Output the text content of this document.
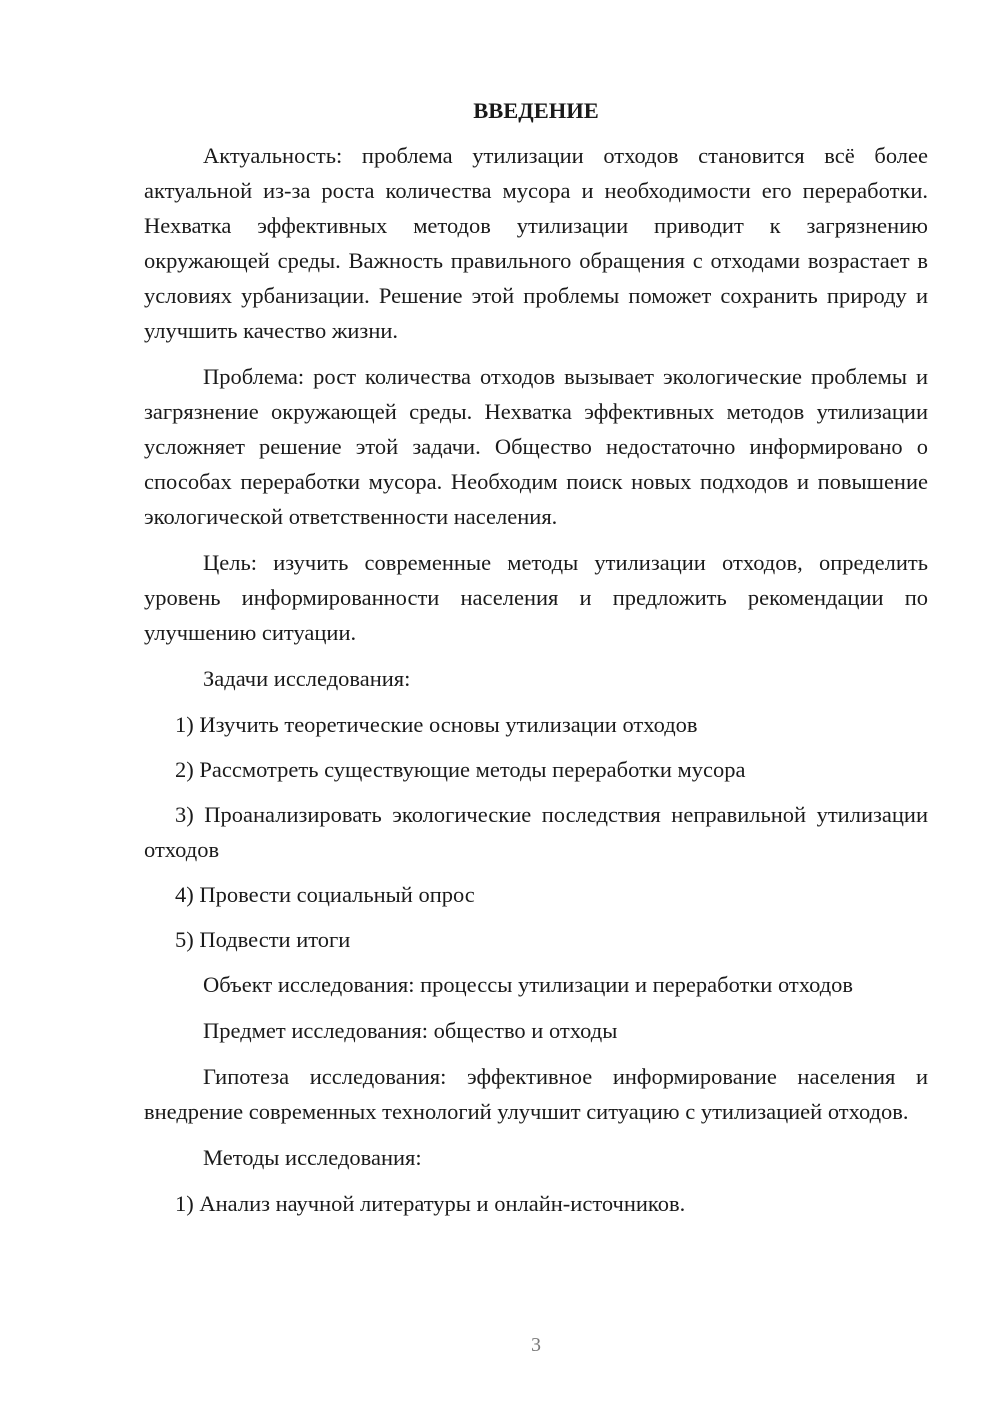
ВВЕДЕНИЕ

Актуальность: проблема утилизации отходов становится всё более актуальной из-за роста количества мусора и необходимости его переработки. Нехватка эффективных методов утилизации приводит к загрязнению окружающей среды. Важность правильного обращения с отходами возрастает в условиях урбанизации. Решение этой проблемы поможет сохранить природу и улучшить качество жизни.

Проблема: рост количества отходов вызывает экологические проблемы и загрязнение окружающей среды. Нехватка эффективных методов утилизации усложняет решение этой задачи. Общество недостаточно информировано о способах переработки мусора. Необходим поиск новых подходов и повышение экологической ответственности населения.

Цель: изучить современные методы утилизации отходов, определить уровень информированности населения и предложить рекомендации по улучшению ситуации.

Задачи исследования:

1) Изучить теоретические основы утилизации отходов

2) Рассмотреть существующие методы переработки мусора

3) Проанализировать экологические последствия неправильной утилизации отходов

4) Провести социальный опрос

5) Подвести итоги

Объект исследования: процессы утилизации и переработки отходов

Предмет исследования: общество и отходы

Гипотеза исследования: эффективное информирование населения и внедрение современных технологий улучшит ситуацию с утилизацией отходов.

Методы исследования:

1) Анализ научной литературы и онлайн-источников.

3
